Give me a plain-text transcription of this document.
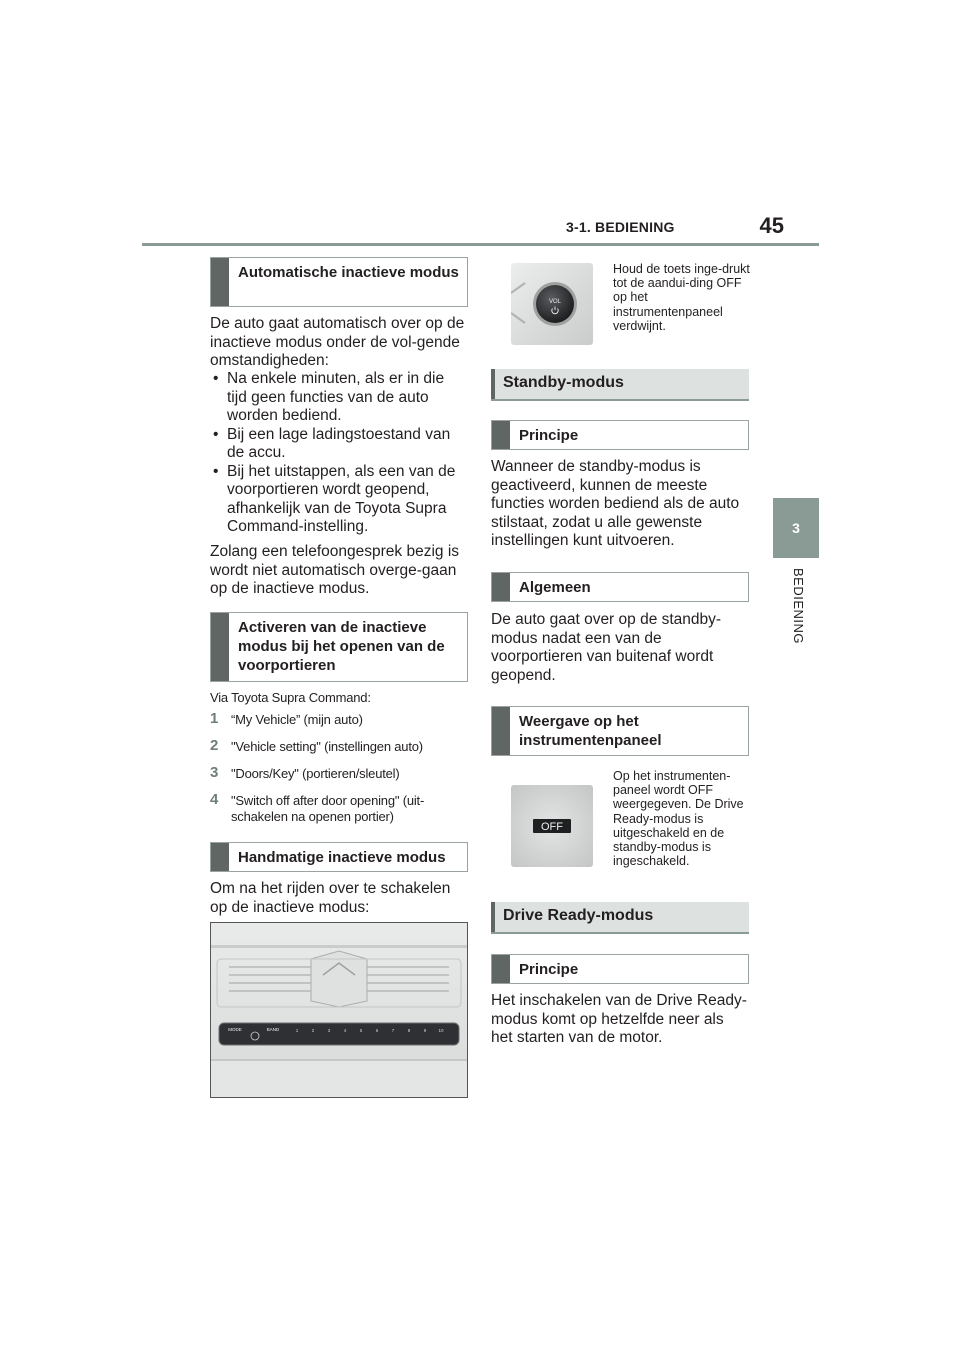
3-1. BEDIENING	45
3
BEDIENING
Automatische inactieve modus

De auto gaat automatisch over op de inactieve modus onder de vol-gende omstandigheden:

• Na enkele minuten, als er in die tijd geen functies van de auto worden bediend.
• Bij een lage ladingstoestand van de accu.
• Bij het uitstappen, als een van de voorportieren wordt geopend, afhankelijk van de Toyota Supra Command-instelling.

Zolang een telefoongesprek bezig is wordt niet automatisch overge-gaan op de inactieve modus.

Activeren van de inactieve modus bij het openen van de voorportieren
Via Toyota Supra Command:
1 “My Vehicle” (mijn auto)
2 "Vehicle setting" (instellingen auto)
3 "Doors/Key" (portieren/sleutel)
4 "Switch off after door opening" (uit-schakelen na openen portier)
Handmatige inactieve modus

Om na het rijden over te schakelen op de inactieve modus:

MODE	BAND	1	2	3	4	5	6	7	8	9	10
VOL
Houd de toets inge-drukt tot de aandui-ding OFF op het instrumentenpaneel verdwijnt.
Standby-modus
Principe

Wanneer de standby-modus is geactiveerd, kunnen de meeste functies worden bediend als de auto stilstaat, zodat u alle gewenste instellingen kunt uitvoeren.

Algemeen

De auto gaat over op de standby-modus nadat een van de voorportieren van buitenaf wordt geopend.

Weergave op het instrumentenpaneel
OFF
Op het instrumenten-paneel wordt OFF weergegeven. De Drive Ready-modus is uitgeschakeld en de standby-modus is ingeschakeld.
Drive Ready-modus
Principe

Het inschakelen van de Drive Ready-modus komt op hetzelfde neer als het starten van de motor.
